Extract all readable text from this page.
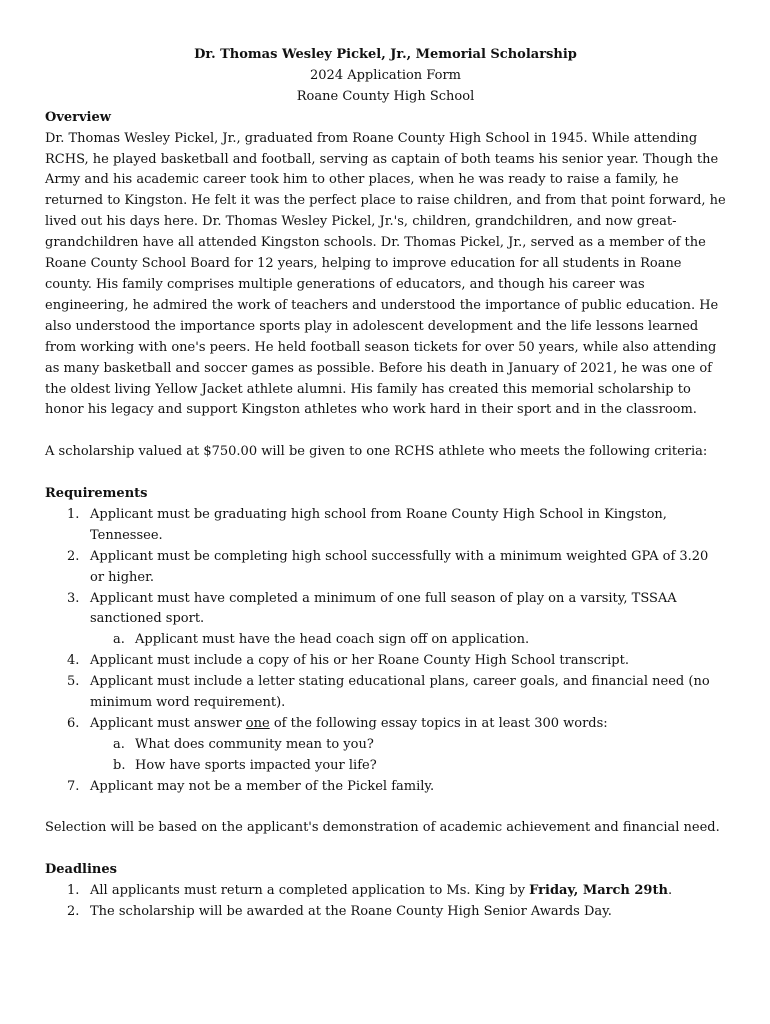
Dr. Thomas Wesley Pickel, Jr., Memorial Scholarship

2024 Application Form

Roane County High School

Overview

Dr. Thomas Wesley Pickel, Jr., graduated from Roane County High School in 1945. While attending RCHS, he played basketball and football, serving as captain of both teams his senior year. Though the Army and his academic career took him to other places, when he was ready to raise a family, he returned to Kingston. He felt it was the perfect place to raise children, and from that point forward, he lived out his days here. Dr. Thomas Wesley Pickel, Jr.'s, children, grandchildren, and now great-grandchildren have all attended Kingston schools. Dr. Thomas Pickel, Jr., served as a member of the Roane County School Board for 12 years, helping to improve education for all students in Roane county. His family comprises multiple generations of educators, and though his career was engineering, he admired the work of teachers and understood the importance of public education. He also understood the importance sports play in adolescent development and the life lessons learned from working with one's peers. He held football season tickets for over 50 years, while also attending as many basketball and soccer games as possible. Before his death in January of 2021, he was one of the oldest living Yellow Jacket athlete alumni. His family has created this memorial scholarship to honor his legacy and support Kingston athletes who work hard in their sport and in the classroom.

A scholarship valued at $750.00 will be given to one RCHS athlete who meets the following criteria:

Requirements

1. Applicant must be graduating high school from Roane County High School in Kingston, Tennessee.
2. Applicant must be completing high school successfully with a minimum weighted GPA of 3.20 or higher.
3. Applicant must have completed a minimum of one full season of play on a varsity, TSSAA sanctioned sport.
a. Applicant must have the head coach sign off on application.
4. Applicant must include a copy of his or her Roane County High School transcript.
5. Applicant must include a letter stating educational plans, career goals, and financial need (no minimum word requirement).
6. Applicant must answer one of the following essay topics in at least 300 words:
a. What does community mean to you?
b. How have sports impacted your life?
7. Applicant may not be a member of the Pickel family.

Selection will be based on the applicant's demonstration of academic achievement and financial need.

Deadlines

1. All applicants must return a completed application to Ms. King by Friday, March 29th.
2. The scholarship will be awarded at the Roane County High Senior Awards Day.
